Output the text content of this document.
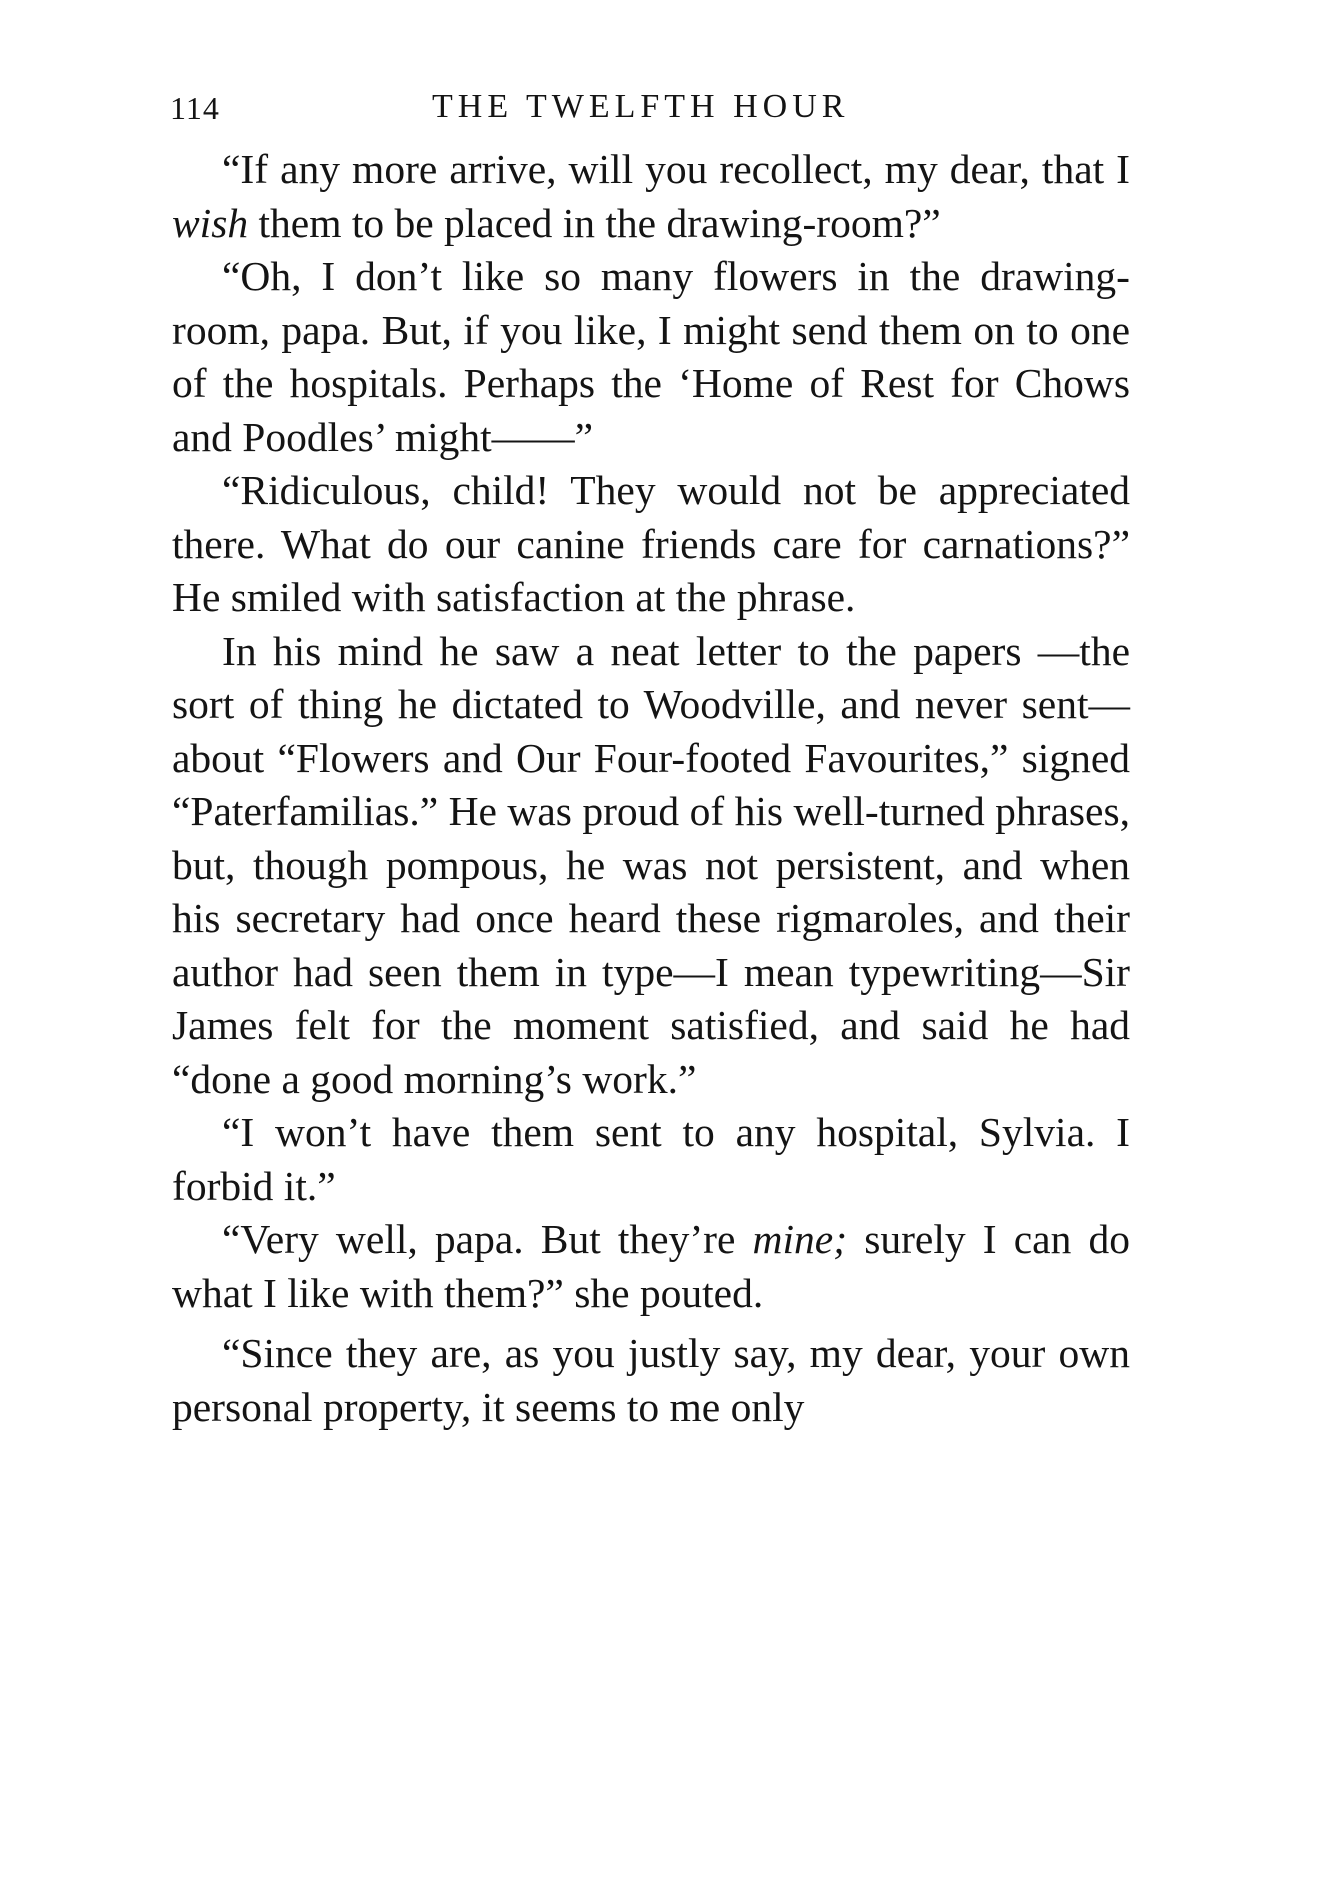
114	THE TWELFTH HOUR

“If any more arrive, will you recollect, my dear, that I wish them to be placed in the drawing-room?”

“Oh, I don’t like so many flowers in the drawing-room, papa. But, if you like, I might send them on to one of the hospitals. Perhaps the ‘Home of Rest for Chows and Poodles’ might——”

“Ridiculous, child! They would not be appreciated there. What do our canine friends care for carnations?” He smiled with satisfaction at the phrase.

In his mind he saw a neat letter to the papers —the sort of thing he dictated to Woodville, and never sent—about “Flowers and Our Four-footed Favourites,” signed “Paterfamilias.” He was proud of his well-turned phrases, but, though pompous, he was not persistent, and when his secretary had once heard these rigmaroles, and their author had seen them in type—I mean typewriting—Sir James felt for the moment satisfied, and said he had “done a good morning’s work.”

“I won’t have them sent to any hospital, Sylvia. I forbid it.”

“Very well, papa. But they’re mine; surely I can do what I like with them?” she pouted.

“Since they are, as you justly say, my dear, your own personal property, it seems to me only
